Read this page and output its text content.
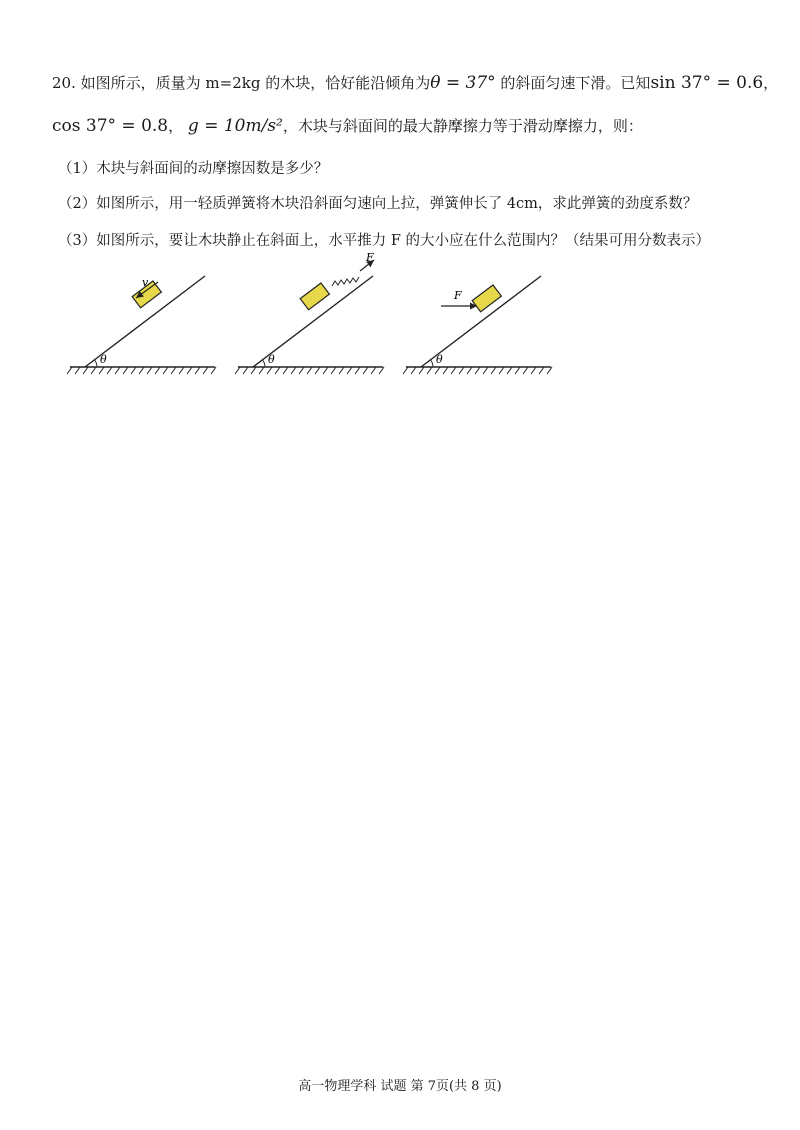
20. 如图所示，质量为 m=2kg 的木块，恰好能沿倾角为θ = 37° 的斜面匀速下滑。已知sin 37° = 0.6，
cos 37° = 0.8， g = 10m/s²，木块与斜面间的最大静摩擦力等于滑动摩擦力，则：
（1）木块与斜面间的动摩擦因数是多少？
（2）如图所示，用一轻质弹簧将木块沿斜面匀速向上拉，弹簧伸长了 4cm，求此弹簧的劲度系数？
（3）如图所示，要让木块静止在斜面上，水平推力 F 的大小应在什么范围内？（结果可用分数表示）
θ
v
θ
F
θ
F
高一物理学科 试题 第 7页(共 8 页)
